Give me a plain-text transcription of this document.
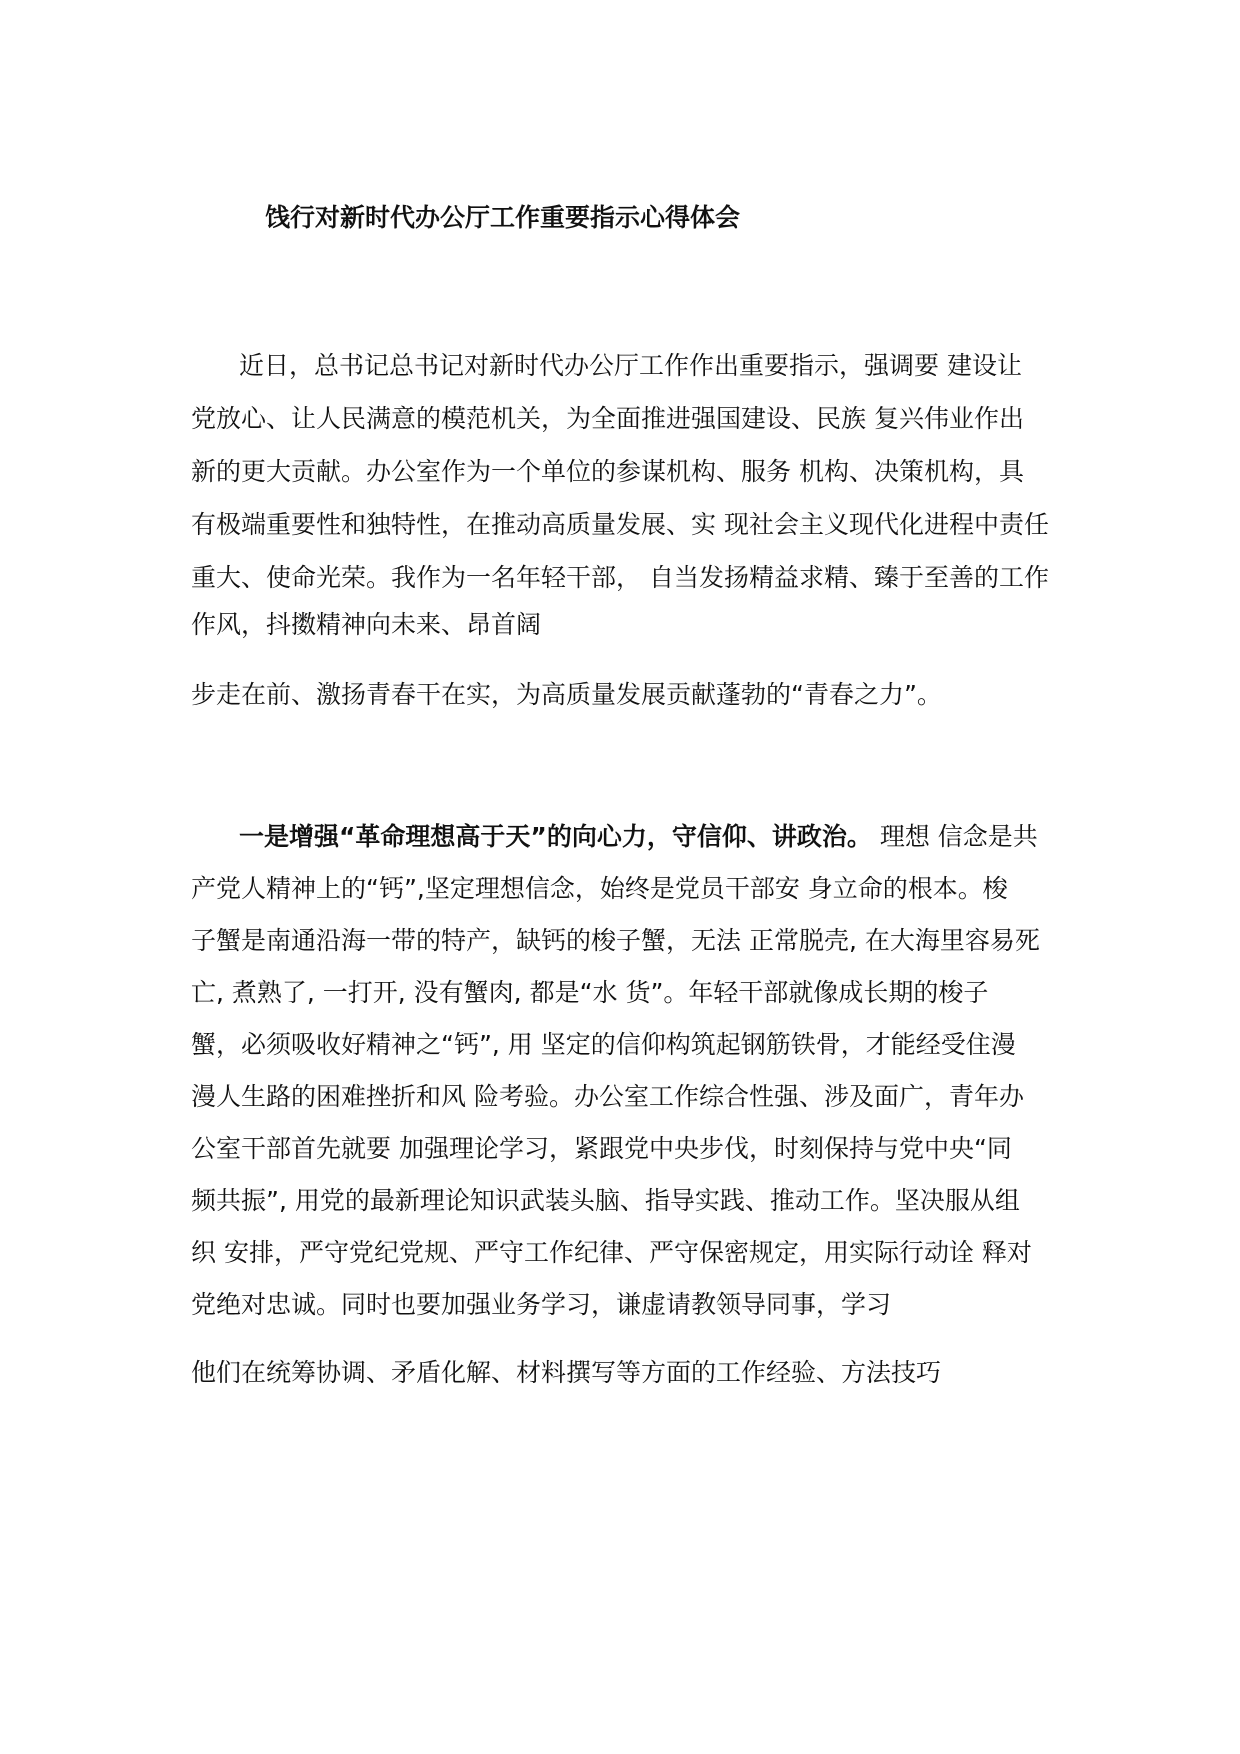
饯行对新时代办公厅工作重要指示心得体会

近日，总书记总书记对新时代办公厅工作作出重要指示，强调要 建设让

党放心、让人民满意的模范机关，为全面推进强国建设、民族 复兴伟业作出

新的更大贡献。办公室作为一个单位的参谋机构、服务 机构、决策机构，具

有极端重要性和独特性，在推动高质量发展、实 现社会主义现代化进程中责任

重大、使命光荣。我作为一名年轻干部， 自当发扬精益求精、臻于至善的工作

作风，抖擞精神向未来、昂首阔

步走在前、激扬青春干在实，为高质量发展贡献蓬勃的“青春之力”。

一是增强“革命理想高于天”的向心力，守信仰、讲政治。 理想 信念是共

产党人精神上的“钙”,坚定理想信念，始终是党员干部安 身立命的根本。梭

子蟹是南通沿海一带的特产，缺钙的梭子蟹，无法 正常脱壳, 在大海里容易死

亡, 煮熟了, 一打开, 没有蟹肉, 都是“水 货”。年轻干部就像成长期的梭子

蟹，必须吸收好精神之“钙”, 用 坚定的信仰构筑起钢筋铁骨，才能经受住漫

漫人生路的困难挫折和风 险考验。办公室工作综合性强、涉及面广，青年办

公室干部首先就要 加强理论学习，紧跟党中央步伐，时刻保持与党中央“同

频共振”, 用党的最新理论知识武装头脑、指导实践、推动工作。坚决服从组

织 安排，严守党纪党规、严守工作纪律、严守保密规定，用实际行动诠 释对

党绝对忠诚。同时也要加强业务学习，谦虚请教领导同事，学习

他们在统筹协调、矛盾化解、材料撰写等方面的工作经验、方法技巧
